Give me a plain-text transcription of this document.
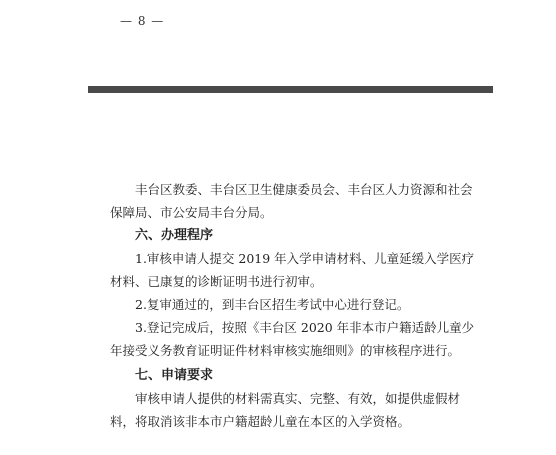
— 8 —

丰台区教委、丰台区卫生健康委员会、丰台区人力资源和社会保障局、市公安局丰台分局。

六、办理程序

1.审核申请人提交 2019 年入学申请材料、儿童延缓入学医疗材料、已康复的诊断证明书进行初审。

2.复审通过的，到丰台区招生考试中心进行登记。

3.登记完成后，按照《丰台区 2020 年非本市户籍适龄儿童少年接受义务教育证明证件材料审核实施细则》的审核程序进行。

七、申请要求

审核申请人提供的材料需真实、完整、有效，如提供虚假材料，将取消该非本市户籍超龄儿童在本区的入学资格。
